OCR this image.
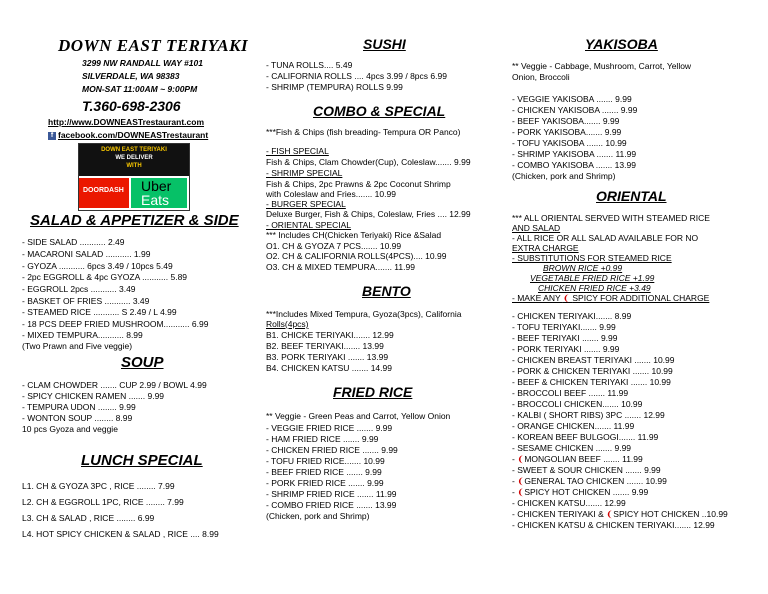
DOWN EAST TERIYAKI
3299 NW RANDALL WAY #101
SILVERDALE, WA 98383
MON-SAT 11:00AM ~ 9:00PM
T.360-698-2306
http://www.DOWNEASTrestaurant.com
f facebook.com/DOWNEASTrestaurant
DOWN EAST TERIYAKI
WE DELIVER
WITH
DOORDASH Uber
Eats
SALAD & APPETIZER & SIDE
- SIDE SALAD ........... 2.49
- MACARONI SALAD ........... 1.99
- GYOZA ........... 6pcs 3.49 / 10pcs 5.49
- 2pc EGGROLL & 4pc GYOZA ........... 5.89
- EGGROLL 2pcs ........... 3.49
- BASKET OF FRIES ........... 3.49
- STEAMED RICE ........... S 2.49 / L 4.99
- 18 PCS DEEP FRIED MUSHROOM........... 6.99
- MIXED TEMPURA........... 8.99
(Two Prawn and Five veggie)
SOUP
- CLAM CHOWDER ....... CUP 2.99 / BOWL 4.99
- SPICY CHICKEN RAMEN ....... 9.99
- TEMPURA UDON ........ 9.99
- WONTON SOUP ........ 8.99
10 pcs Gyoza and veggie
LUNCH SPECIAL
L1. CH & GYOZA 3PC , RICE ........ 7.99
L2. CH & EGGROLL 1PC, RICE ........ 7.99
L3. CH & SALAD , RICE ........ 6.99
L4. HOT SPICY CHICKEN & SALAD , RICE .... 8.99
SUSHI
- TUNA ROLLS.... 5.49
- CALIFORNIA ROLLS .... 4pcs 3.99 / 8pcs 6.99
- SHRIMP (TEMPURA) ROLLS 9.99
COMBO & SPECIAL
***Fish & Chips (fish breading- Tempura OR Panco)
- FISH SPECIAL
Fish & Chips, Clam Chowder(Cup), Coleslaw....... 9.99
- SHRIMP SPECIAL
Fish & Chips, 2pc Prawns & 2pc Coconut Shrimp
with Coleslaw and Fries....... 10.99
- BURGER SPECIAL
Deluxe Burger, Fish & Chips, Coleslaw, Fries .... 12.99
- ORIENTAL SPECIAL
*** Includes CH(Chicken Teriyaki) Rice &Salad
O1. CH & GYOZA 7 PCS....... 10.99
O2. CH & CALIFORNIA ROLLS(4PCS).... 10.99
O3. CH & MIXED TEMPURA....... 11.99
BENTO
***Includes Mixed Tempura, Gyoza(3pcs), California
Rolls(4pcs)
B1. CHICKE TERIYAKI....... 12.99
B2. BEEF TERIYAKI....... 13.99
B3. PORK TERIYAKI ....... 13.99
B4. CHICKEN KATSU ....... 14.99
FRIED RICE
** Veggie - Green Peas and Carrot, Yellow Onion
- VEGGIE FRIED RICE ....... 9.99
- HAM FRIED RICE ....... 9.99
- CHICKEN FRIED RICE ....... 9.99
- TOFU FRIED RICE....... 10.99
- BEEF FRIED RICE ....... 9.99
- PORK FRIED RICE ....... 9.99
- SHRIMP FRIED RICE ....... 11.99
- COMBO FRIED RICE ....... 13.99
(Chicken, pork and Shrimp)
YAKISOBA
** Veggie - Cabbage, Mushroom, Carrot, Yellow
Onion, Broccoli
- VEGGIE YAKISOBA ....... 9.99
- CHICKEN YAKISOBA ....... 9.99
- BEEF YAKISOBA....... 9.99
- PORK YAKISOBA....... 9.99
- TOFU YAKISOBA ....... 10.99
- SHRIMP YAKISOBA ....... 11.99
- COMBO YAKISOBA ....... 13.99
(Chicken, pork and Shrimp)
ORIENTAL
*** ALL ORIENTAL SERVED WITH STEAMED RICE
AND SALAD
- ALL RICE OR ALL SALAD AVAILABLE FOR NO
EXTRA CHARGE
- SUBSTITUTIONS FOR STEAMED RICE
BROWN RICE +0.99
VEGETABLE FRIED RICE +1.99
CHICKEN FRIED RICE +3.49
- MAKE ANY ❨ SPICY FOR ADDITIONAL CHARGE
- CHICKEN TERIYAKI....... 8.99
- TOFU TERIYAKI....... 9.99
- BEEF TERIYAKI ....... 9.99
- PORK TERIYAKI ....... 9.99
- CHICKEN BREAST TERIYAKI ....... 10.99
- PORK & CHICKEN TERIYAKI ....... 10.99
- BEEF & CHICKEN TERIYAKI ....... 10.99
- BROCCOLI BEEF ....... 11.99
- BROCCOLI CHICKEN....... 10.99
- KALBI ( SHORT RIBS) 3PC ....... 12.99
- ORANGE CHICKEN....... 11.99
- KOREAN BEEF BULGOGI....... 11.99
- SESAME CHICKEN ....... 9.99
- ❨MONGOLIAN BEEF ....... 11.99
- SWEET & SOUR CHICKEN ....... 9.99
- ❨GENERAL TAO CHICKEN ....... 10.99
- ❨SPICY HOT CHICKEN ....... 9.99
- CHICKEN KATSU....... 12.99
- CHICKEN TERIYAKI & ❨SPICY HOT CHICKEN ..10.99
- CHICKEN KATSU & CHICKEN TERIYAKI....... 12.99
